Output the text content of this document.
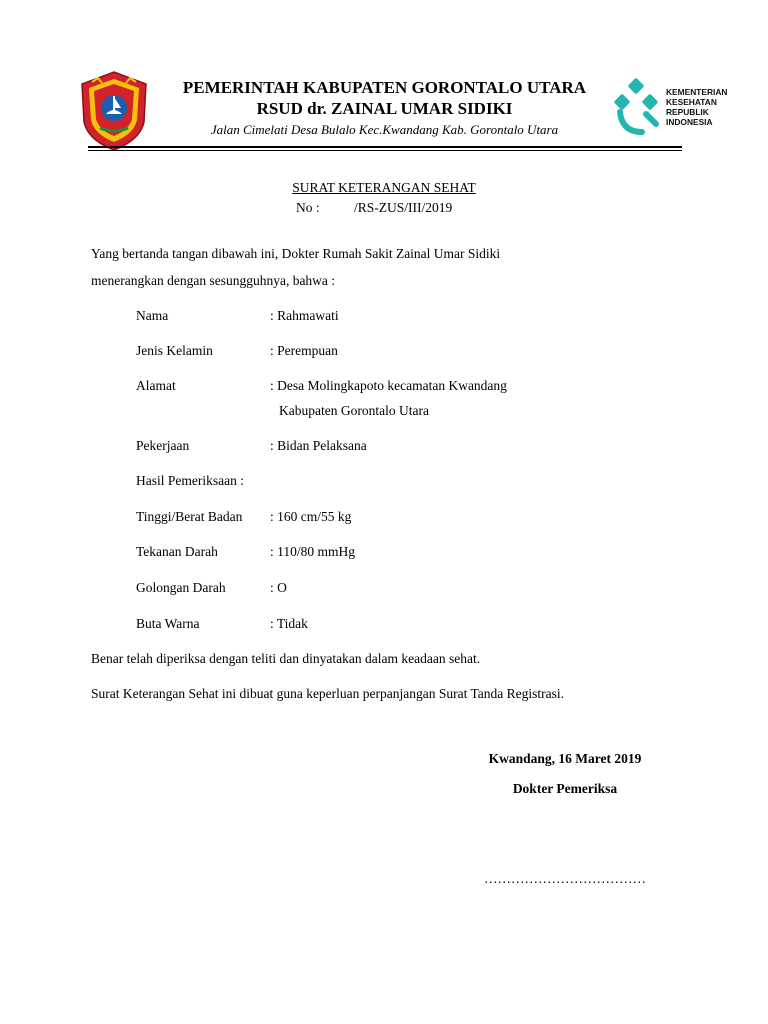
PEMERINTAH KABUPATEN GORONTALO UTARA
RSUD dr. ZAINAL UMAR SIDIKI
Jalan Cimelati Desa Bulalo Kec.Kwandang Kab. Gorontalo Utara
KEMENTERIAN
KESEHATAN
REPUBLIK
INDONESIA
SURAT KETERANGAN SEHAT
No :	/RS-ZUS/III/2019
Yang bertanda tangan dibawah ini, Dokter Rumah Sakit Zainal Umar Sidiki
menerangkan dengan sesungguhnya, bahwa :
Nama	: Rahmawati
Jenis Kelamin	: Perempuan
Alamat	: Desa Molingkapoto kecamatan Kwandang
Kabupaten Gorontalo Utara
Pekerjaan	: Bidan Pelaksana
Hasil Pemeriksaan :
Tinggi/Berat Badan : 160 cm/55 kg
Tekanan Darah	: 110/80 mmHg
Golongan Darah	: O
Buta Warna	: Tidak
Benar telah diperiksa dengan teliti dan dinyatakan dalam keadaan sehat.
Surat Keterangan Sehat ini dibuat guna keperluan perpanjangan Surat Tanda Registrasi.
Kwandang, 16 Maret 2019
Dokter Pemeriksa
………………………………
